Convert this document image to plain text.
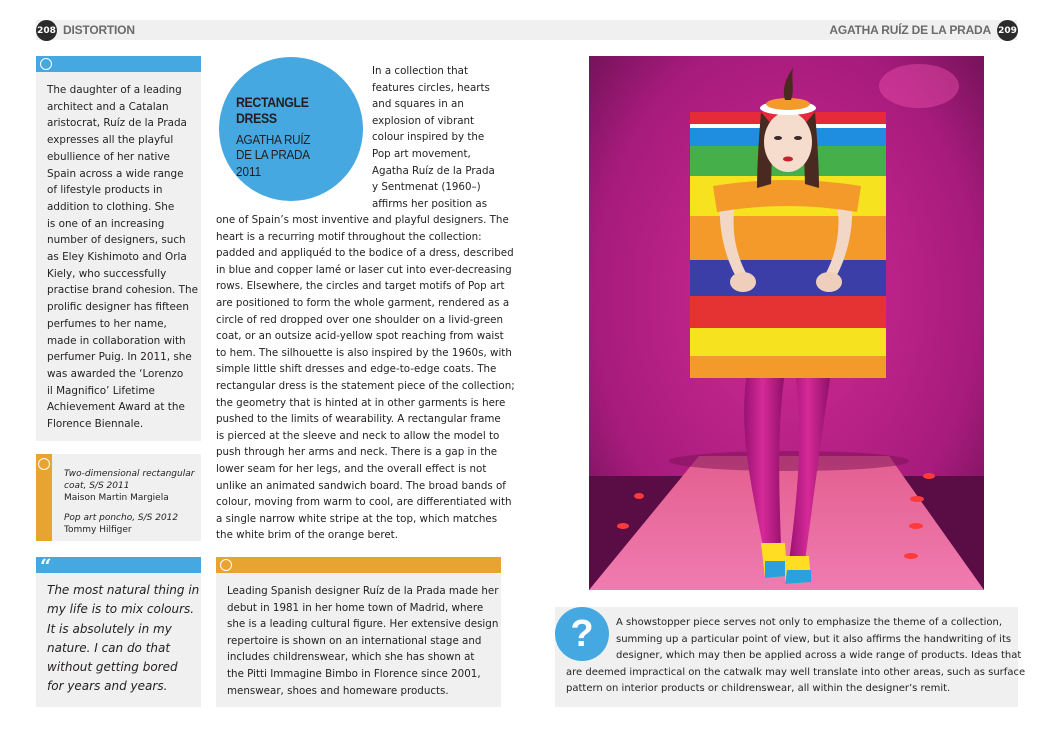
208 DISTORTION	AGATHA RUÍZ DE LA PRADA 209
The daughter of a leading
architect and a Catalan
aristocrat, Ruíz de la Prada
expresses all the playful
ebullience of her native
Spain across a wide range
of lifestyle products in
addition to clothing. She
is one of an increasing
number of designers, such
as Eley Kishimoto and Orla
Kiely, who successfully
practise brand cohesion. The
prolific designer has fifteen
perfumes to her name,
made in collaboration with
perfumer Puig. In 2011, she
was awarded the ‘Lorenzo
il Magnifico’ Lifetime
Achievement Award at the
Florence Biennale.
Two-dimensional rectangular
coat, S/S 2011
Maison Martin Margiela
Pop art poncho, S/S 2012
Tommy Hilfiger
“
The most natural thing in
my life is to mix colours.
It is absolutely in my
nature. I can do that
without getting bored
for years and years.
RECTANGLE DRESS
AGATHA RUÍZ
DE LA PRADA
2011
In a collection that
features circles, hearts
and squares in an
explosion of vibrant
colour inspired by the
Pop art movement,
Agatha Ruíz de la Prada
y Sentmenat (1960–)
affirms her position as
one of Spain’s most inventive and playful designers. The
heart is a recurring motif throughout the collection:
padded and appliquéd to the bodice of a dress, described
in blue and copper lamé or laser cut into ever-decreasing
rows. Elsewhere, the circles and target motifs of Pop art
are positioned to form the whole garment, rendered as a
circle of red dropped over one shoulder on a livid-green
coat, or an outsize acid-yellow spot reaching from waist
to hem. The silhouette is also inspired by the 1960s, with
simple little shift dresses and edge-to-edge coats. The
rectangular dress is the statement piece of the collection;
the geometry that is hinted at in other garments is here
pushed to the limits of wearability. A rectangular frame
is pierced at the sleeve and neck to allow the model to
push through her arms and neck. There is a gap in the
lower seam for her legs, and the overall effect is not
unlike an animated sandwich board. The broad bands of
colour, moving from warm to cool, are differentiated with
a single narrow white stripe at the top, which matches
the white brim of the orange beret.
Leading Spanish designer Ruíz de la Prada made her
debut in 1981 in her home town of Madrid, where
she is a leading cultural figure. Her extensive design
repertoire is shown on an international stage and
includes childrenswear, which she has shown at
the Pitti Immagine Bimbo in Florence since 2001,
menswear, shoes and homeware products.
?	A showstopper piece serves not only to emphasize the theme of a collection,
summing up a particular point of view, but it also affirms the handwriting of its
designer, which may then be applied across a wide range of products. Ideas that
are deemed impractical on the catwalk may well translate into other areas, such as surface
pattern on interior products or childrenswear, all within the designer’s remit.
